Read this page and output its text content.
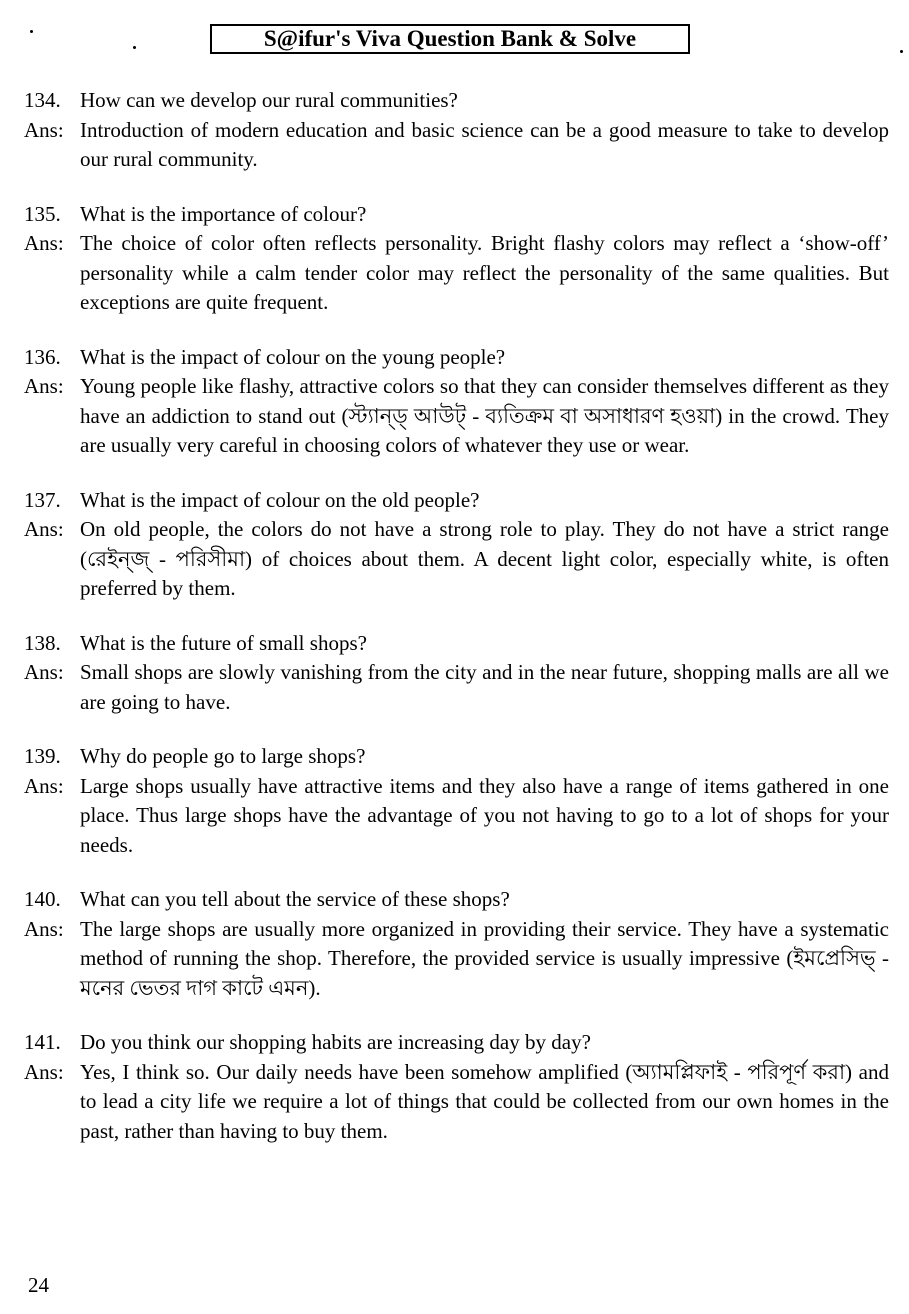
S@ifur's Viva Question Bank & Solve
134. How can we develop our rural communities?
Ans: Introduction of modern education and basic science can be a good measure to take to develop our rural community.
135. What is the importance of colour?
Ans: The choice of color often reflects personality. Bright flashy colors may reflect a ‘show-off’ personality while a calm tender color may reflect the personality of the same qualities. But exceptions are quite frequent.
136. What is the impact of colour on the young people?
Ans: Young people like flashy, attractive colors so that they can consider themselves different as they have an addiction to stand out (স্ট্যান্ড্ আউট্ - ব্যতিক্রম বা অসাধারণ হওয়া) in the crowd. They are usually very careful in choosing colors of whatever they use or wear.
137. What is the impact of colour on the old people?
Ans: On old people, the colors do not have a strong role to play. They do not have a strict range (রেইন্‌জ্ - পরিসীমা) of choices about them. A decent light color, especially white, is often preferred by them.
138. What is the future of small shops?
Ans: Small shops are slowly vanishing from the city and in the near future, shopping malls are all we are going to have.
139. Why do people go to large shops?
Ans: Large shops usually have attractive items and they also have a range of items gathered in one place. Thus large shops have the advantage of you not having to go to a lot of shops for your needs.
140. What can you tell about the service of these shops?
Ans: The large shops are usually more organized in providing their service. They have a systematic method of running the shop. Therefore, the provided service is usually impressive (ইমপ্রেসিভ্ - মনের ভেতর দাগ কাটে এমন).
141. Do you think our shopping habits are increasing day by day?
Ans: Yes, I think so. Our daily needs have been somehow amplified (অ্যামপ্লিফাই - পরিপূর্ণ করা) and to lead a city life we require a lot of things that could be collected from our own homes in the past, rather than having to buy them.
24
